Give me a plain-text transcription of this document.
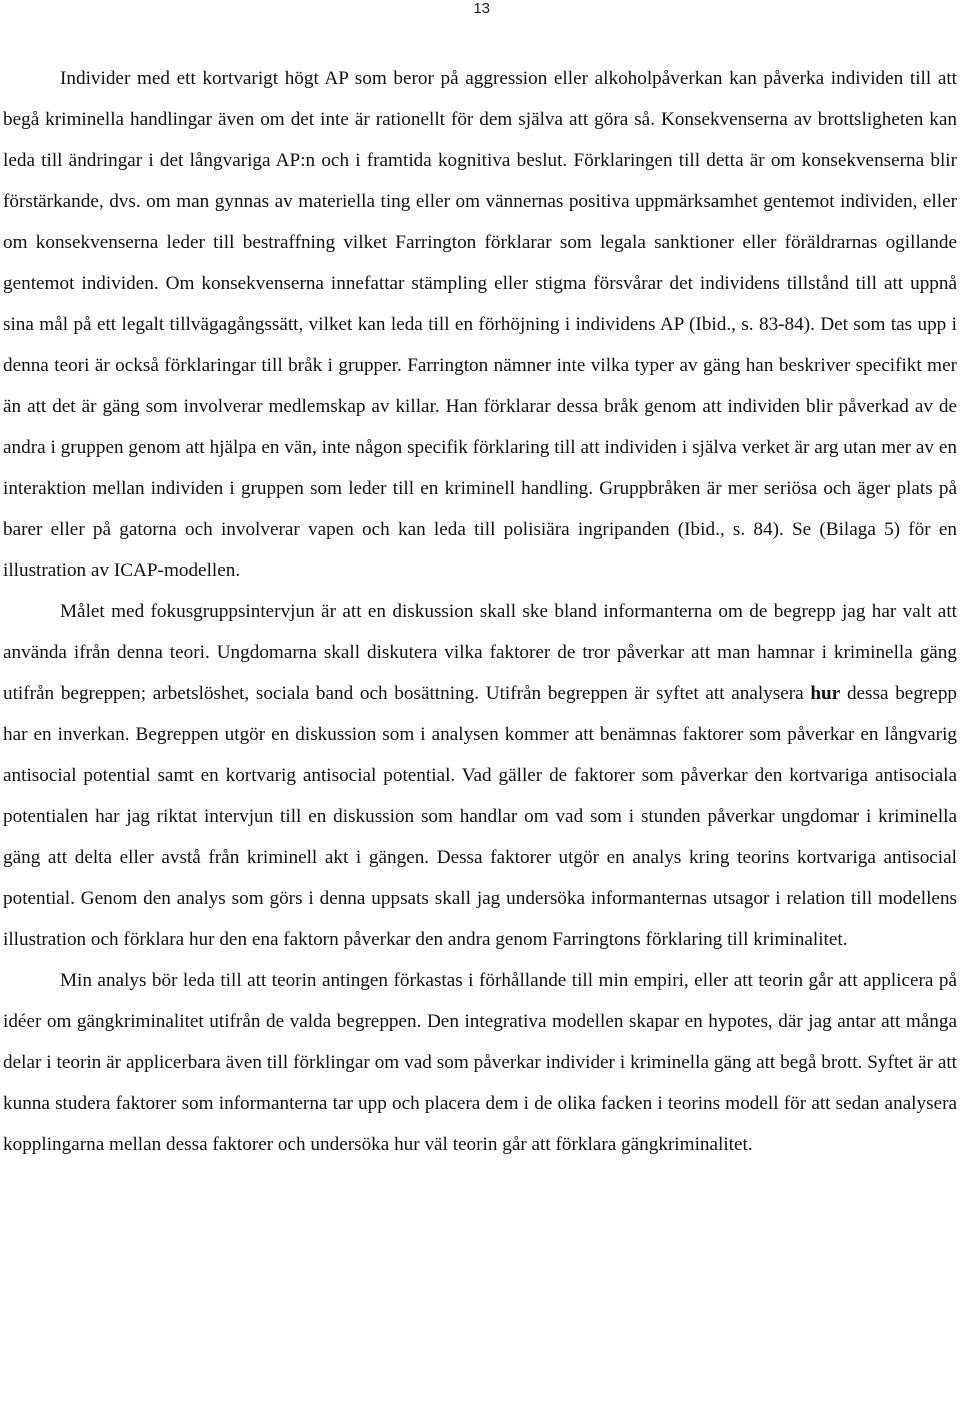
13

Individer med ett kortvarigt högt AP som beror på aggression eller alkoholpåverkan kan påverka individen till att begå kriminella handlingar även om det inte är rationellt för dem själva att göra så. Konsekvenserna av brottsligheten kan leda till ändringar i det långvariga AP:n och i framtida kognitiva beslut. Förklaringen till detta är om konsekvenserna blir förstärkande, dvs. om man gynnas av materiella ting eller om vännernas positiva uppmärksamhet gentemot individen, eller om konsekvenserna leder till bestraffning vilket Farrington förklarar som legala sanktioner eller föräldrarnas ogillande gentemot individen. Om konsekvenserna innefattar stämpling eller stigma försvårar det individens tillstånd till att uppnå sina mål på ett legalt tillvägagångssätt, vilket kan leda till en förhöjning i individens AP (Ibid., s. 83-84). Det som tas upp i denna teori är också förklaringar till bråk i grupper. Farrington nämner inte vilka typer av gäng han beskriver specifikt mer än att det är gäng som involverar medlemskap av killar. Han förklarar dessa bråk genom att individen blir påverkad av de andra i gruppen genom att hjälpa en vän, inte någon specifik förklaring till att individen i själva verket är arg utan mer av en interaktion mellan individen i gruppen som leder till en kriminell handling. Gruppbråken är mer seriösa och äger plats på barer eller på gatorna och involverar vapen och kan leda till polisiära ingripanden (Ibid., s. 84). Se (Bilaga 5) för en illustration av ICAP-modellen.

Målet med fokusgruppsintervjun är att en diskussion skall ske bland informanterna om de begrepp jag har valt att använda ifrån denna teori. Ungdomarna skall diskutera vilka faktorer de tror påverkar att man hamnar i kriminella gäng utifrån begreppen; arbetslöshet, sociala band och bosättning. Utifrån begreppen är syftet att analysera hur dessa begrepp har en inverkan. Begreppen utgör en diskussion som i analysen kommer att benämnas faktorer som påverkar en långvarig antisocial potential samt en kortvarig antisocial potential. Vad gäller de faktorer som påverkar den kortvariga antisociala potentialen har jag riktat intervjun till en diskussion som handlar om vad som i stunden påverkar ungdomar i kriminella gäng att delta eller avstå från kriminell akt i gängen. Dessa faktorer utgör en analys kring teorins kortvariga antisocial potential. Genom den analys som görs i denna uppsats skall jag undersöka informanternas utsagor i relation till modellens illustration och förklara hur den ena faktorn påverkar den andra genom Farringtons förklaring till kriminalitet.

Min analys bör leda till att teorin antingen förkastas i förhållande till min empiri, eller att teorin går att applicera på idéer om gängkriminalitet utifrån de valda begreppen. Den integrativa modellen skapar en hypotes, där jag antar att många delar i teorin är applicerbara även till förklingar om vad som påverkar individer i kriminella gäng att begå brott. Syftet är att kunna studera faktorer som informanterna tar upp och placera dem i de olika facken i teorins modell för att sedan analysera kopplingarna mellan dessa faktorer och undersöka hur väl teorin går att förklara gängkriminalitet.
